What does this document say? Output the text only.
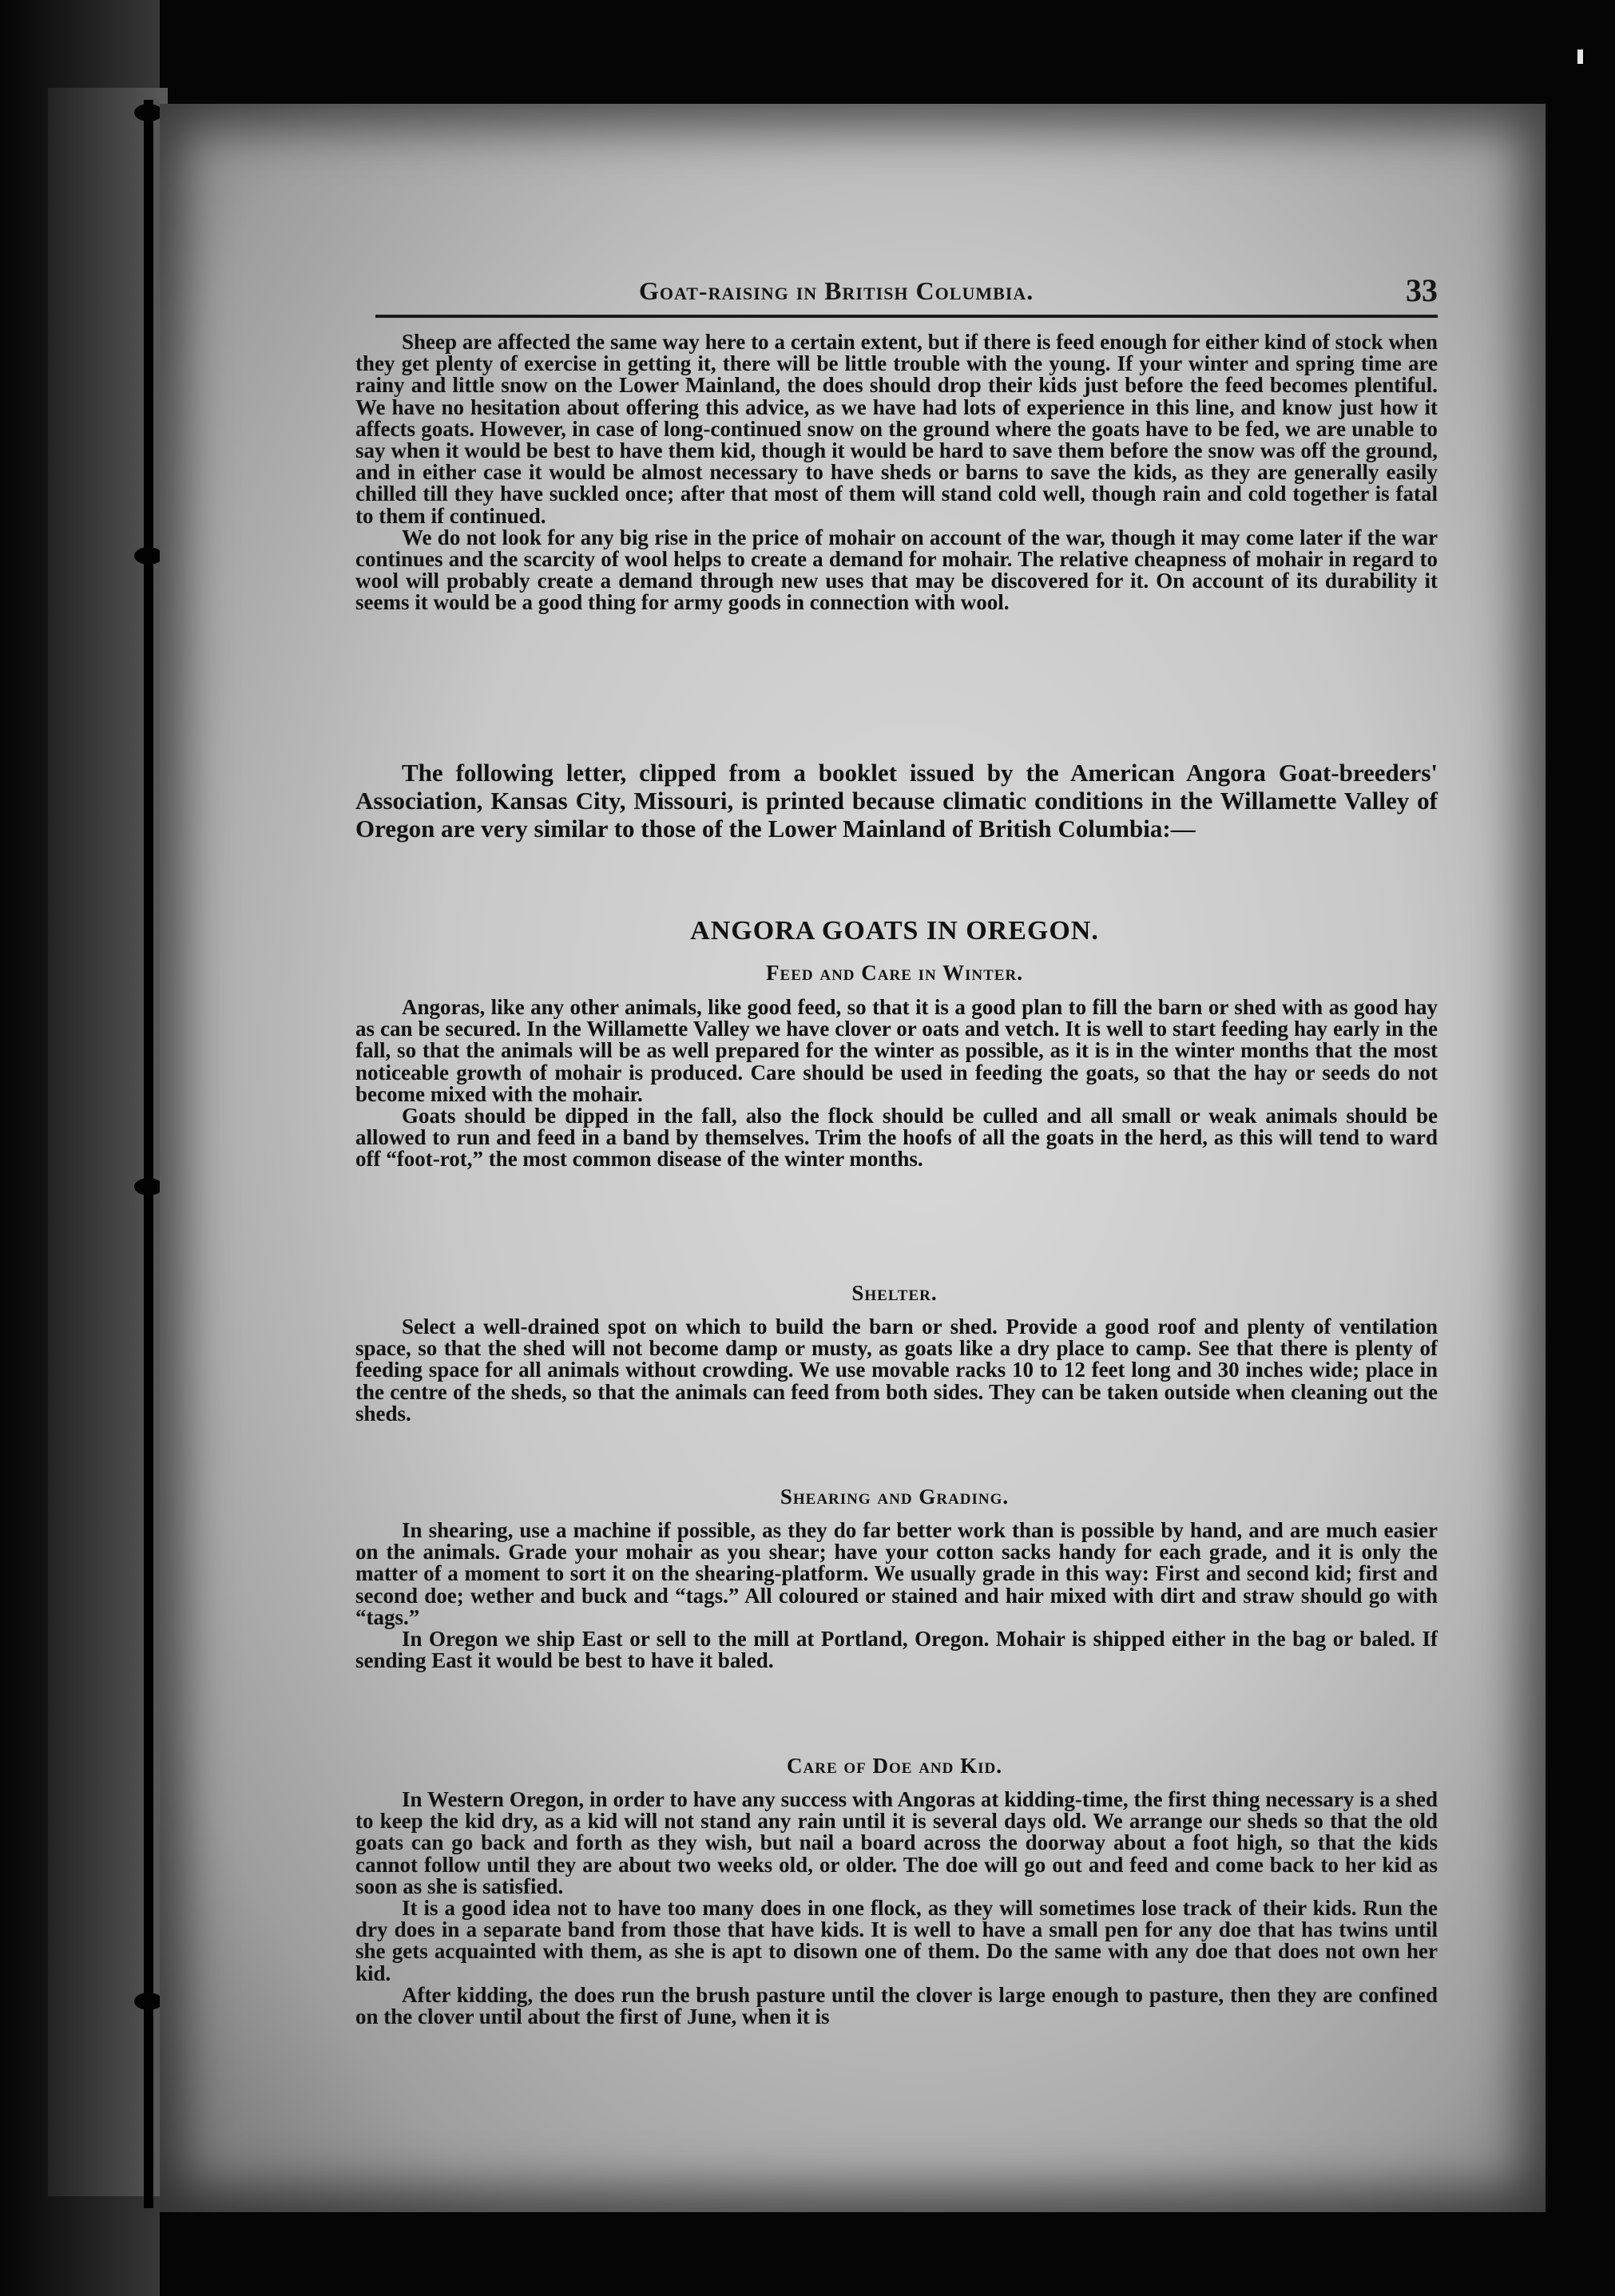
Goat-raising in British Columbia.	33

Sheep are affected the same way here to a certain extent, but if there is feed enough for either kind of stock when they get plenty of exercise in getting it, there will be little trouble with the young. If your winter and spring time are rainy and little snow on the Lower Mainland, the does should drop their kids just before the feed becomes plentiful. We have no hesitation about offering this advice, as we have had lots of experience in this line, and know just how it affects goats. However, in case of long-continued snow on the ground where the goats have to be fed, we are unable to say when it would be best to have them kid, though it would be hard to save them before the snow was off the ground, and in either case it would be almost necessary to have sheds or barns to save the kids, as they are generally easily chilled till they have suckled once; after that most of them will stand cold well, though rain and cold together is fatal to them if continued.

We do not look for any big rise in the price of mohair on account of the war, though it may come later if the war continues and the scarcity of wool helps to create a demand for mohair. The relative cheapness of mohair in regard to wool will probably create a demand through new uses that may be discovered for it. On account of its durability it seems it would be a good thing for army goods in connection with wool.

The following letter, clipped from a booklet issued by the American Angora Goat-breeders' Association, Kansas City, Missouri, is printed because climatic conditions in the Willamette Valley of Oregon are very similar to those of the Lower Mainland of British Columbia:—

ANGORA GOATS IN OREGON.
Feed and Care in Winter.

Angoras, like any other animals, like good feed, so that it is a good plan to fill the barn or shed with as good hay as can be secured. In the Willamette Valley we have clover or oats and vetch. It is well to start feeding hay early in the fall, so that the animals will be as well prepared for the winter as possible, as it is in the winter months that the most noticeable growth of mohair is produced. Care should be used in feeding the goats, so that the hay or seeds do not become mixed with the mohair.

Goats should be dipped in the fall, also the flock should be culled and all small or weak animals should be allowed to run and feed in a band by themselves. Trim the hoofs of all the goats in the herd, as this will tend to ward off “foot-rot,” the most common disease of the winter months.

Shelter.

Select a well-drained spot on which to build the barn or shed. Provide a good roof and plenty of ventilation space, so that the shed will not become damp or musty, as goats like a dry place to camp. See that there is plenty of feeding space for all animals without crowding. We use movable racks 10 to 12 feet long and 30 inches wide; place in the centre of the sheds, so that the animals can feed from both sides. They can be taken outside when cleaning out the sheds.

Shearing and Grading.

In shearing, use a machine if possible, as they do far better work than is possible by hand, and are much easier on the animals. Grade your mohair as you shear; have your cotton sacks handy for each grade, and it is only the matter of a moment to sort it on the shearing-platform. We usually grade in this way: First and second kid; first and second doe; wether and buck and “tags.” All coloured or stained and hair mixed with dirt and straw should go with “tags.”

In Oregon we ship East or sell to the mill at Portland, Oregon. Mohair is shipped either in the bag or baled. If sending East it would be best to have it baled.

Care of Doe and Kid.

In Western Oregon, in order to have any success with Angoras at kidding-time, the first thing necessary is a shed to keep the kid dry, as a kid will not stand any rain until it is several days old. We arrange our sheds so that the old goats can go back and forth as they wish, but nail a board across the doorway about a foot high, so that the kids cannot follow until they are about two weeks old, or older. The doe will go out and feed and come back to her kid as soon as she is satisfied.

It is a good idea not to have too many does in one flock, as they will sometimes lose track of their kids. Run the dry does in a separate band from those that have kids. It is well to have a small pen for any doe that has twins until she gets acquainted with them, as she is apt to disown one of them. Do the same with any doe that does not own her kid.

After kidding, the does run the brush pasture until the clover is large enough to pasture, then they are confined on the clover until about the first of June, when it is
